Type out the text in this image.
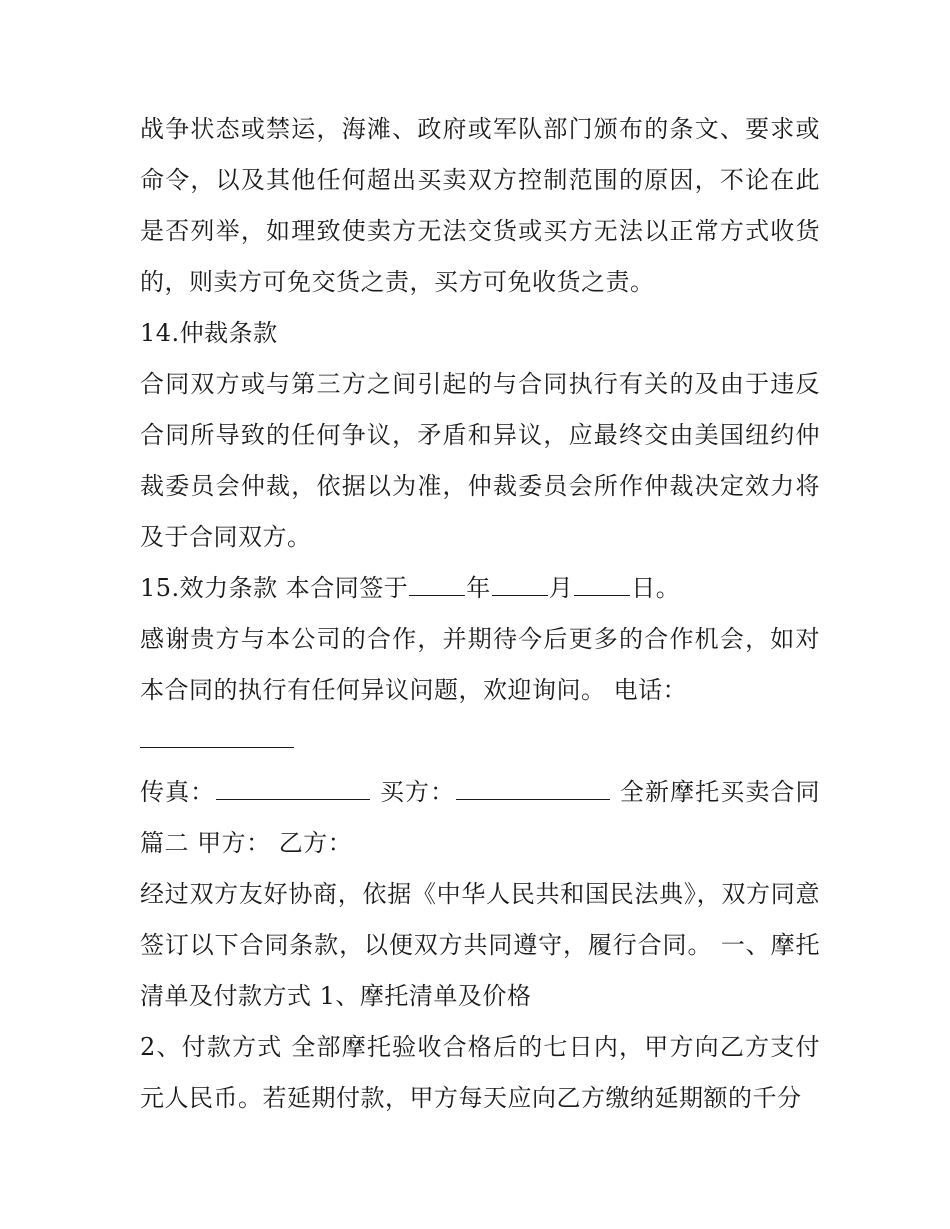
战争状态或禁运，海滩、政府或军队部门颁布的条文、要求或命令，以及其他任何超出买卖双方控制范围的原因，不论在此是否列举，如理致使卖方无法交货或买方无法以正常方式收货的，则卖方可免交货之责，买方可免收货之责。

14.仲裁条款

合同双方或与第三方之间引起的与合同执行有关的及由于违反合同所导致的任何争议，矛盾和异议，应最终交由美国纽约仲裁委员会仲裁，依据以为准，仲裁委员会所作仲裁决定效力将及于合同双方。

15.效力条款 本合同签于 年 月 日。

感谢贵方与本公司的合作，并期待今后更多的合作机会，如对本合同的执行有任何异议问题，欢迎询问。 电话：

传真：	买方：	全新摩托买卖合同篇二 甲方： 乙方：

经过双方友好协商，依据《中华人民共和国民法典》，双方同意签订以下合同条款，以便双方共同遵守，履行合同。 一、摩托清单及付款方式 1、摩托清单及价格

2、付款方式 全部摩托验收合格后的七日内，甲方向乙方支付元人民币。若延期付款，甲方每天应向乙方缴纳延期额的千分
